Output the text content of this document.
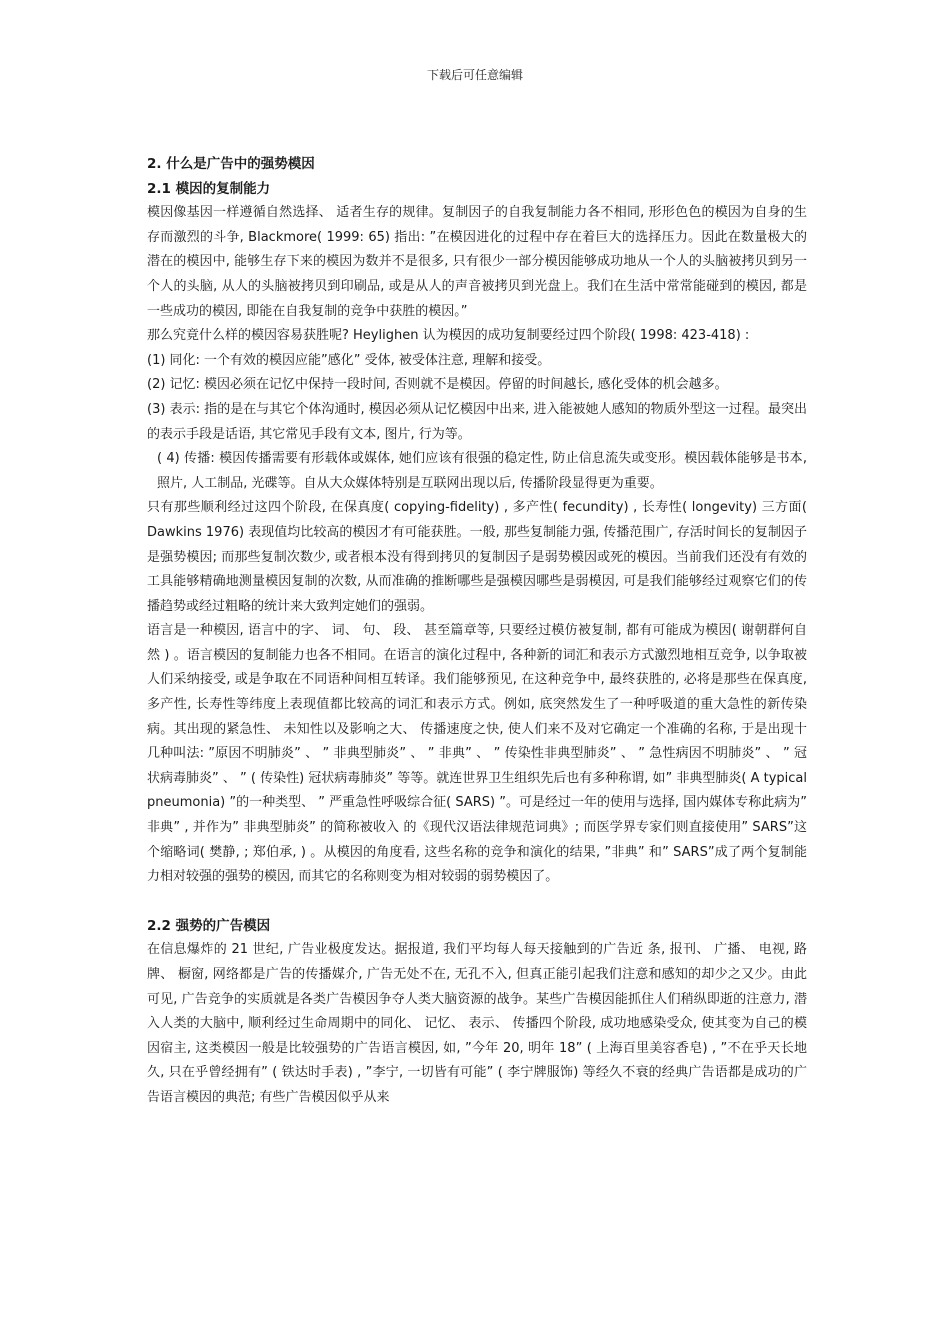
下载后可任意编辑

2. 什么是广告中的强势模因

2.1 模因的复制能力

模因像基因一样遵循自然选择、 适者生存的规律。复制因子的自我复制能力各不相同, 形形色色的模因为自身的生存而激烈的斗争, Blackmore( 1999: 65) 指出: ”在模因进化的过程中存在着巨大的选择压力。因此在数量极大的潜在的模因中, 能够生存下来的模因为数并不是很多, 只有很少一部分模因能够成功地从一个人的头脑被拷贝到另一个人的头脑, 从人的头脑被拷贝到印刷品, 或是从人的声音被拷贝到光盘上。我们在生活中常常能碰到的模因, 都是一些成功的模因, 即能在自我复制的竞争中获胜的模因。”

那么究竟什么样的模因容易获胜呢? Heylighen 认为模因的成功复制要经过四个阶段( 1998: 423-418) :

(1) 同化: 一个有效的模因应能”感化” 受体, 被受体注意, 理解和接受。

(2) 记忆: 模因必须在记忆中保持一段时间, 否则就不是模因。停留的时间越长, 感化受体的机会越多。

(3) 表示: 指的是在与其它个体沟通时, 模因必须从记忆模因中出来, 进入能被她人感知的物质外型这一过程。最突出的表示手段是话语, 其它常见手段有文本, 图片, 行为等。

( 4) 传播: 模因传播需要有形载体或媒体, 她们应该有很强的稳定性, 防止信息流失或变形。模因载体能够是书本, 照片, 人工制品, 光碟等。自从大众媒体特别是互联网出现以后, 传播阶段显得更为重要。

只有那些顺利经过这四个阶段, 在保真度( copying-fidelity) , 多产性( fecundity) , 长寿性( longevity) 三方面( Dawkins 1976) 表现值均比较高的模因才有可能获胜。一般, 那些复制能力强, 传播范围广, 存活时间长的复制因子是强势模因; 而那些复制次数少, 或者根本没有得到拷贝的复制因子是弱势模因或死的模因。当前我们还没有有效的工具能够精确地测量模因复制的次数, 从而准确的推断哪些是强模因哪些是弱模因, 可是我们能够经过观察它们的传播趋势或经过粗略的统计来大致判定她们的强弱。

语言是一种模因, 语言中的字、 词、 句、 段、 甚至篇章等, 只要经过模仿被复制, 都有可能成为模因( 谢朝群何自然 ) 。语言模因的复制能力也各不相同。在语言的演化过程中, 各种新的词汇和表示方式激烈地相互竞争, 以争取被人们采纳接受, 或是争取在不同语种间相互转译。我们能够预见, 在这种竞争中, 最终获胜的, 必将是那些在保真度, 多产性, 长寿性等纬度上表现值都比较高的词汇和表示方式。例如, 底突然发生了一种呼吸道的重大急性的新传染病。其出现的紧急性、 未知性以及影响之大、 传播速度之快, 使人们来不及对它确定一个准确的名称, 于是出现十几种叫法: ”原因不明肺炎” 、 ” 非典型肺炎” 、 ” 非典” 、 ” 传染性非典型肺炎” 、 ” 急性病因不明肺炎” 、 ” 冠状病毒肺炎” 、 ” ( 传染性) 冠状病毒肺炎” 等等。就连世界卫生组织先后也有多种称谓, 如” 非典型肺炎( A typical pneumonia) ”的一种类型、 ” 严重急性呼吸综合征( SARS) ”。可是经过一年的使用与选择, 国内媒体专称此病为” 非典” , 并作为” 非典型肺炎” 的简称被收入 的《现代汉语法律规范词典》; 而医学界专家们则直接使用” SARS”这个缩略词( 樊静, ; 郑伯承, ) 。从模因的角度看, 这些名称的竞争和演化的结果, ”非典” 和” SARS”成了两个复制能力相对较强的强势的模因, 而其它的名称则变为相对较弱的弱势模因了。

2.2 强势的广告模因

在信息爆炸的 21 世纪, 广告业极度发达。据报道, 我们平均每人每天接触到的广告近 条, 报刊、 广播、 电视, 路牌、 橱窗, 网络都是广告的传播媒介, 广告无处不在, 无孔不入, 但真正能引起我们注意和感知的却少之又少。由此可见, 广告竞争的实质就是各类广告模因争夺人类大脑资源的战争。某些广告模因能抓住人们稍纵即逝的注意力, 潜入人类的大脑中, 顺利经过生命周期中的同化、 记忆、 表示、 传播四个阶段, 成功地感染受众, 使其变为自己的模因宿主, 这类模因一般是比较强势的广告语言模因, 如, ”今年 20, 明年 18” ( 上海百里美容香皂) , ”不在乎天长地久, 只在乎曾经拥有” ( 铁达时手表) , ”李宁, 一切皆有可能” ( 李宁牌服饰) 等经久不衰的经典广告语都是成功的广告语言模因的典范; 有些广告模因似乎从来
